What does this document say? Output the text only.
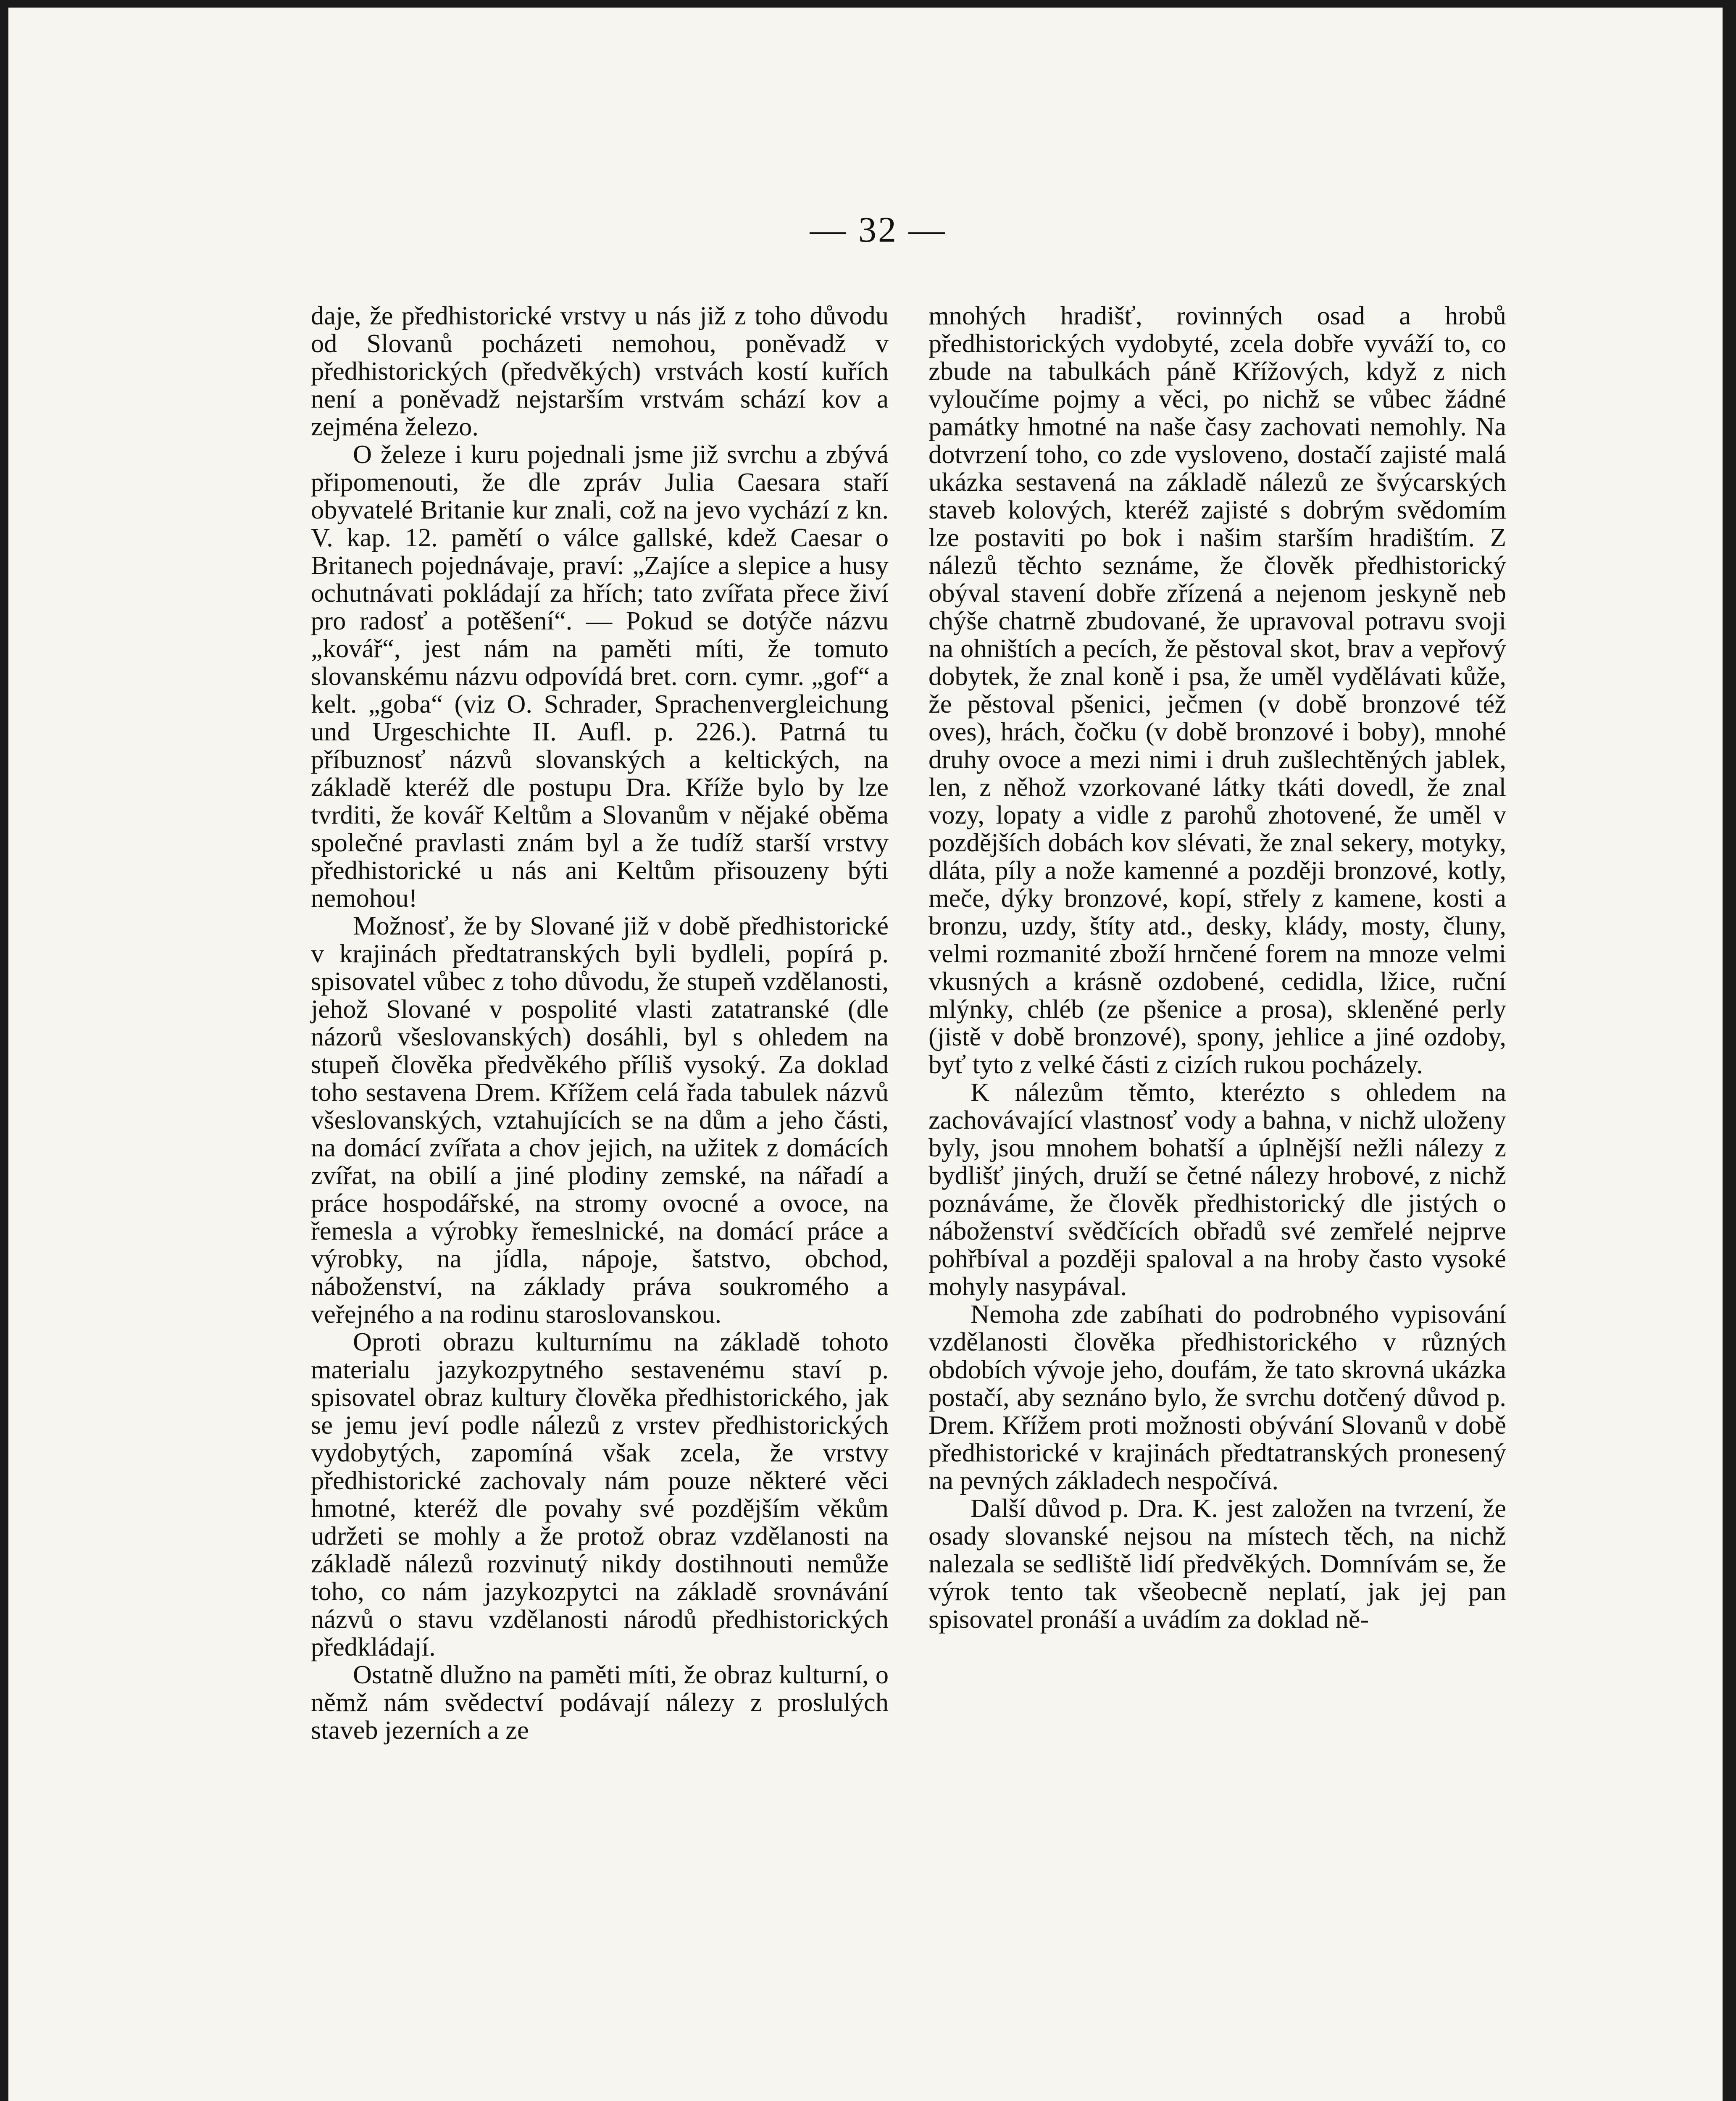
— 32 —

daje, že předhistorické vrstvy u nás již z toho důvodu od Slovanů pocházeti nemohou, poněvadž v předhistorických (předvěkých) vrstvách kostí kuřích není a poněvadž nejstarším vrstvám schází kov a zejména železo.

O železe i kuru pojednali jsme již svrchu a zbývá připomenouti, že dle zpráv Julia Caesara staří obyvatelé Britanie kur znali, což na jevo vychází z kn. V. kap. 12. pamětí o válce gallské, kdež Caesar o Britanech pojednávaje, praví: „Zajíce a slepice a husy ochutnávati pokládají za hřích; tato zvířata přece živí pro radosť a potěšení“. — Pokud se dotýče názvu „kovář“, jest nám na paměti míti, že tomuto slovanskému názvu odpovídá bret. corn. cymr. „gof“ a kelt. „goba“ (viz O. Schrader, Sprachenvergleichung und Urgeschichte II. Aufl. p. 226.). Patrná tu příbuznosť názvů slovanských a keltických, na základě kteréž dle postupu Dra. Kříže bylo by lze tvrditi, že kovář Keltům a Slovanům v nějaké oběma společné pravlasti znám byl a že tudíž starší vrstvy předhistorické u nás ani Keltům přisouzeny býti nemohou!

Možnosť, že by Slované již v době předhistorické v krajinách předtatranských byli bydleli, popírá p. spisovatel vůbec z toho důvodu, že stupeň vzdělanosti, jehož Slované v pospolité vlasti zatatranské (dle názorů všeslovanských) dosáhli, byl s ohledem na stupeň člověka předvěkého příliš vysoký. Za doklad toho sestavena Drem. Křížem celá řada tabulek názvů všeslovanských, vztahujících se na dům a jeho části, na domácí zvířata a chov jejich, na užitek z domácích zvířat, na obilí a jiné plodiny zemské, na nářadí a práce hospodářské, na stromy ovocné a ovoce, na řemesla a výrobky řemeslnické, na domácí práce a výrobky, na jídla, nápoje, šatstvo, obchod, náboženství, na základy práva soukromého a veřejného a na rodinu staroslovanskou.

Oproti obrazu kulturnímu na základě tohoto materialu jazykozpytného sestavenému staví p. spisovatel obraz kultury člověka předhistorického, jak se jemu jeví podle nálezů z vrstev předhistorických vydobytých, zapomíná však zcela, že vrstvy předhistorické zachovaly nám pouze některé věci hmotné, kteréž dle povahy své pozdějším věkům udržeti se mohly a že protož obraz vzdělanosti na základě nálezů rozvinutý nikdy dostihnouti nemůže toho, co nám jazykozpytci na základě srovnávání názvů o stavu vzdělanosti národů předhistorických předkládají.

Ostatně dlužno na paměti míti, že obraz kulturní, o němž nám svědectví podávají nálezy z proslulých staveb jezerních a ze

mnohých hradišť, rovinných osad a hrobů předhistorických vydobyté, zcela dobře vyváží to, co zbude na tabulkách páně Křížových, když z nich vyloučíme pojmy a věci, po nichž se vůbec žádné památky hmotné na naše časy zachovati nemohly. Na dotvrzení toho, co zde vysloveno, dostačí zajisté malá ukázka sestavená na základě nálezů ze švýcarských staveb kolových, kteréž zajisté s dobrým svědomím lze postaviti po bok i našim starším hradištím. Z nálezů těchto seznáme, že člověk předhistorický obýval stavení dobře zřízená a nejenom jeskyně neb chýše chatrně zbudované, že upravoval potravu svoji na ohništích a pecích, že pěstoval skot, brav a vepřový dobytek, že znal koně i psa, že uměl vydělávati kůže, že pěstoval pšenici, ječmen (v době bronzové též oves), hrách, čočku (v době bronzové i boby), mnohé druhy ovoce a mezi nimi i druh zušlechtěných jablek, len, z něhož vzorkované látky tkáti dovedl, že znal vozy, lopaty a vidle z parohů zhotovené, že uměl v pozdějších dobách kov slévati, že znal sekery, motyky, dláta, píly a nože kamenné a později bronzové, kotly, meče, dýky bronzové, kopí, střely z kamene, kosti a bronzu, uzdy, štíty atd., desky, klády, mosty, čluny, velmi rozmanité zboží hrnčené forem na mnoze velmi vkusných a krásně ozdobené, cedidla, lžice, ruční mlýnky, chléb (ze pšenice a prosa), skleněné perly (jistě v době bronzové), spony, jehlice a jiné ozdoby, byť tyto z velké části z cizích rukou pocházely.

K nálezům těmto, kterézto s ohledem na zachovávající vlastnosť vody a bahna, v nichž uloženy byly, jsou mnohem bohatší a úplnější nežli nálezy z bydlišť jiných, druží se četné nálezy hrobové, z nichž poznáváme, že člověk předhistorický dle jistých o náboženství svědčících obřadů své zemřelé nejprve pohřbíval a později spaloval a na hroby často vysoké mohyly nasypával.

Nemoha zde zabíhati do podrobného vypisování vzdělanosti člověka předhistorického v různých obdobích vývoje jeho, doufám, že tato skrovná ukázka postačí, aby seznáno bylo, že svrchu dotčený důvod p. Drem. Křížem proti možnosti obývání Slovanů v době předhistorické v krajinách předtatranských pronesený na pevných základech nespočívá.

Další důvod p. Dra. K. jest založen na tvrzení, že osady slovanské nejsou na místech těch, na nichž nalezala se sedliště lidí předvěkých. Domnívám se, že výrok tento tak všeobecně neplatí, jak jej pan spisovatel pronáší a uvádím za doklad ně-
